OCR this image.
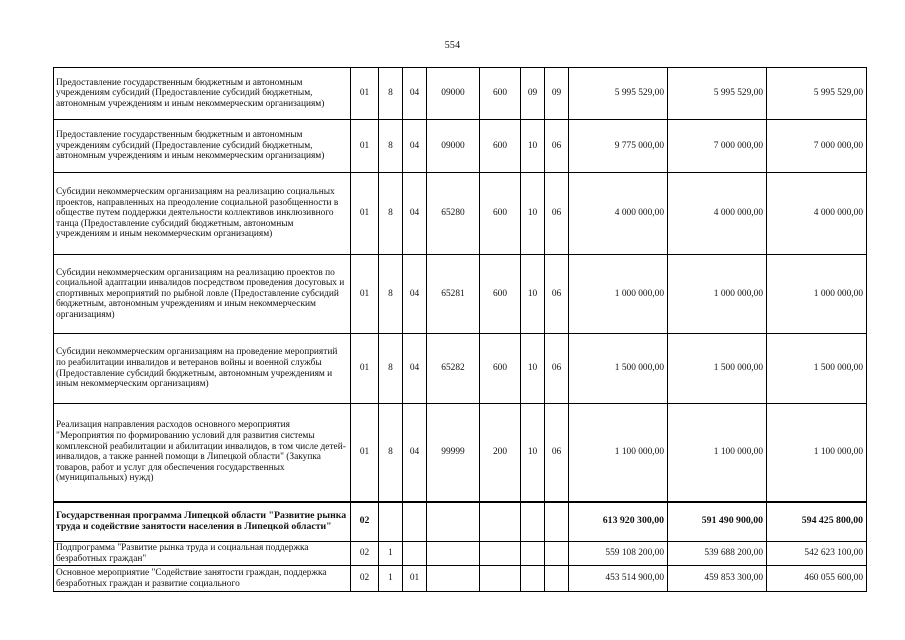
554
Предоставление государственным бюджетным и автономным учреждениям субсидий (Предоставление субсидий бюджетным, автономным учреждениям и иным некоммерческим организациям)	01	8	04	09000	600	09	09	5 995 529,00	5 995 529,00	5 995 529,00
Предоставление государственным бюджетным и автономным учреждениям субсидий (Предоставление субсидий бюджетным, автономным учреждениям и иным некоммерческим организациям)	01	8	04	09000	600	10	06	9 775 000,00	7 000 000,00	7 000 000,00
Субсидии некоммерческим организациям на реализацию социальных проектов, направленных на преодоление социальной разобщенности в обществе путем поддержки деятельности коллективов инклюзивного танца (Предоставление субсидий бюджетным, автономным учреждениям и иным некоммерческим организациям)	01	8	04	65280	600	10	06	4 000 000,00	4 000 000,00	4 000 000,00
Субсидии некоммерческим организациям на реализацию проектов по социальной адаптации инвалидов посредством проведения досуговых и спортивных мероприятий по рыбной ловле (Предоставление субсидий бюджетным, автономным учреждениям и иным некоммерческим организациям)	01	8	04	65281	600	10	06	1 000 000,00	1 000 000,00	1 000 000,00
Субсидии некоммерческим организациям на проведение мероприятий по реабилитации инвалидов и ветеранов войны и военной службы (Предоставление субсидий бюджетным, автономным учреждениям и иным некоммерческим организациям)	01	8	04	65282	600	10	06	1 500 000,00	1 500 000,00	1 500 000,00
Реализация направления расходов основного мероприятия "Мероприятия по формированию условий для развития системы комплексной реабилитации и абилитации инвалидов, в том числе детей-инвалидов, а также ранней помощи в Липецкой области" (Закупка товаров, работ и услуг для обеспечения государственных (муниципальных) нужд)	01	8	04	99999	200	10	06	1 100 000,00	1 100 000,00	1 100 000,00
Государственная программа Липецкой области "Развитие рынка труда и содействие занятости населения в Липецкой области"	02							613 920 300,00	591 490 900,00	594 425 800,00
Подпрограмма "Развитие рынка труда и социальная поддержка безработных граждан"	02	1						559 108 200,00	539 688 200,00	542 623 100,00
Основное мероприятие "Содействие занятости граждан, поддержка безработных граждан и развитие социального	02	1	01					453 514 900,00	459 853 300,00	460 055 600,00
